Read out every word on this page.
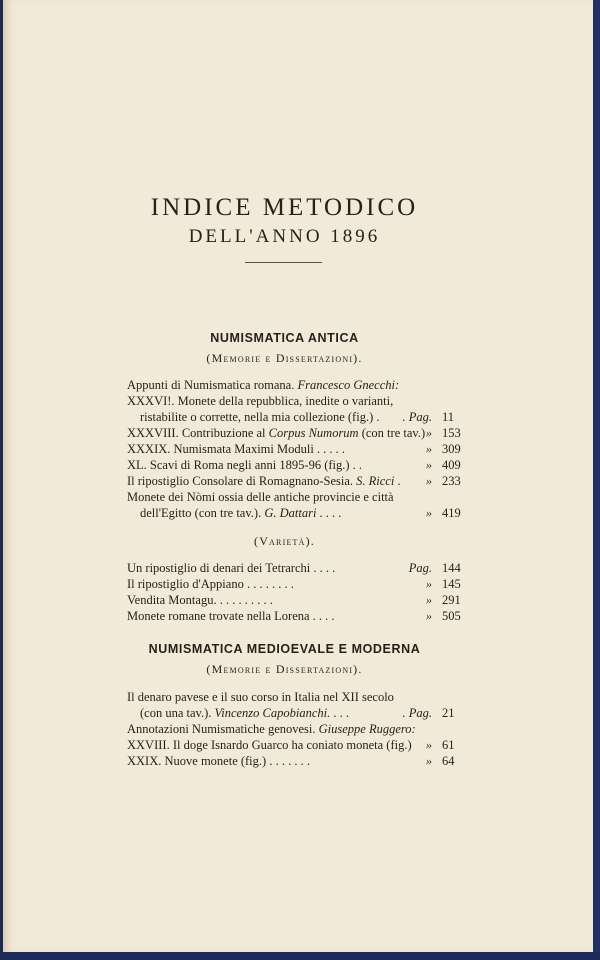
INDICE METODICO
DELL'ANNO 1896
NUMISMATICA ANTICA
(Memorie e Dissertazioni).
Appunti di Numismatica romana. Francesco Gnecchi:
XXXVI!. Monete della repubblica, inedite o varianti,
ristabilite o corrette, nella mia collezione (fig.) . . Pag. 11
XXXVIII. Contribuzione al Corpus Numorum (con tre tav.) » 153
XXXIX. Numismata Maximi Moduli . . . . .	» 309
XL. Scavi di Roma negli anni 1895-96 (fig.) . .	» 409
Il ripostiglio Consolare di Romagnano-Sesia. S. Ricci . » 233
Monete dei Nòmi ossia delle antiche provincie e città
dell'Egitto (con tre tav.). G. Dattari . . . .	» 419
(Varietà).
Un ripostiglio di denari dei Tetrarchi . . . .	Pag. 144
Il ripostiglio d'Appiano . . . . . . . .	» 145
Vendita Montagu. . . . . . . . . .	» 291
Monete romane trovate nella Lorena . . . .	» 505
NUMISMATICA MEDIOEVALE E MODERNA
(Memorie e Dissertazioni).
Il denaro pavese e il suo corso in Italia nel XII secolo
(con una tav.). Vincenzo Capobianchi. . . .	. Pag. 21
Annotazioni Numismatiche genovesi. Giuseppe Ruggero:
XXVIII. Il doge Isnardo Guarco ha coniato moneta (fig.) » 61
XXIX. Nuove monete (fig.) . . . . . . .	» 64
